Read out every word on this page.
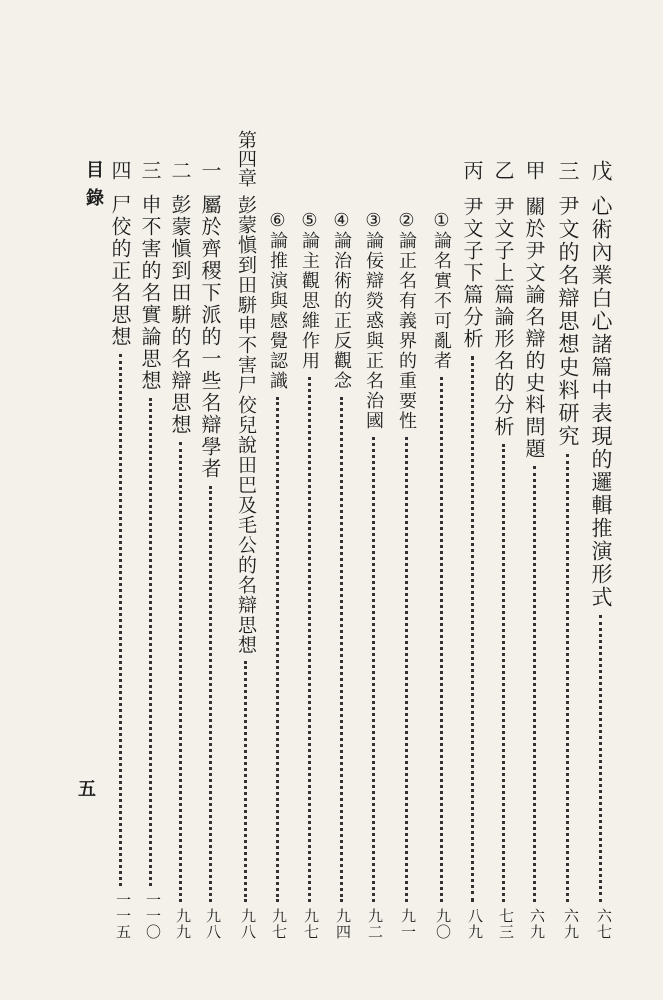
戊
心術內業白心諸篇中表現的邏輯推演形式
六七
三
尹文的名辯思想史料研究
六九
甲
關於尹文論名辯的史料問題
六九
乙
尹文子上篇論形名的分析
七三
丙
尹文子下篇分析
八九
①
論名實不可亂者
九〇
②
論正名有義界的重要性
九一
③
論佞辯熒惑與正名治國
九二
④
論治術的正反觀念
九四
⑤
論主觀思維作用
九七
⑥
論推演與感覺認識
九七
第四章
彭蒙愼到田駢申不害尸佼兒說田巴及毛公的名辯思想
九八
一
屬於齊稷下派的一些名辯學者
九八
二
彭蒙愼到田駢的名辯思想
九九
三
申不害的名實論思想
一一〇
四
尸佼的正名思想
一一五
目錄
五
